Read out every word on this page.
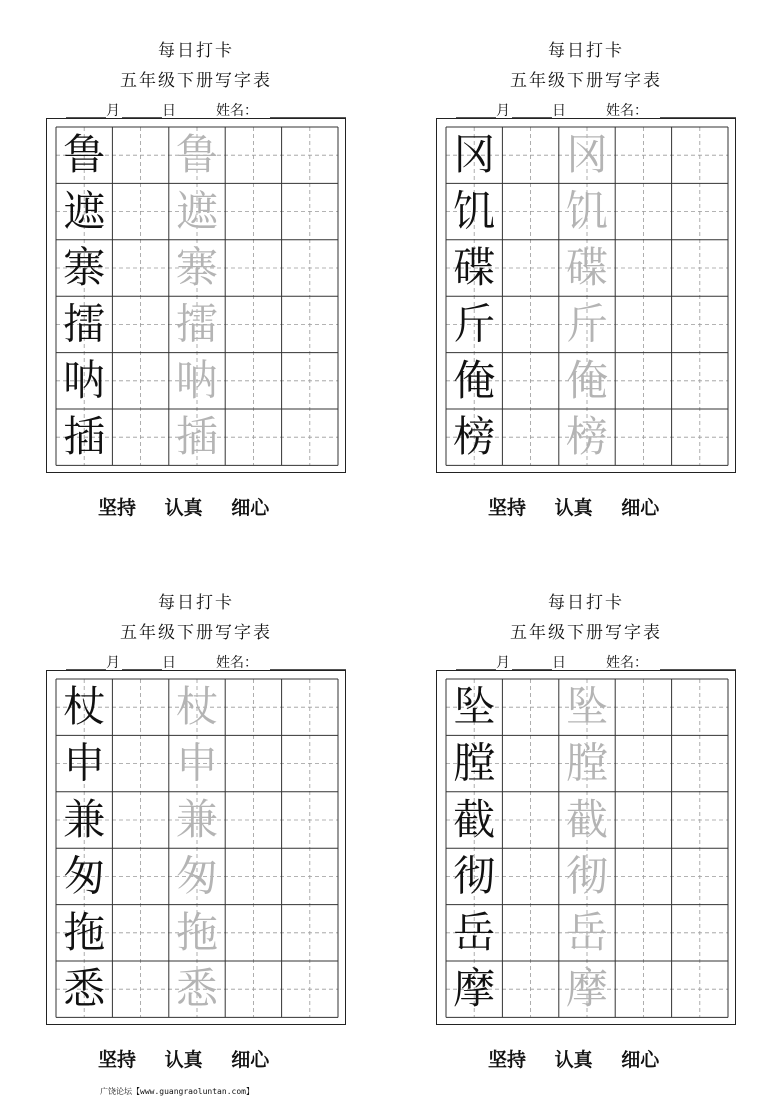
每日打卡
五年级下册写字表
月	日	姓名：
鲁 鲁
遮 遮
寨 寨
擂 擂
呐 呐
插 插
坚持 认真 细心
每日打卡
五年级下册写字表
月	日	姓名：
冈 冈
饥 饥
碟 碟
斤 斤
俺 俺
榜 榜
坚持 认真 细心
每日打卡
五年级下册写字表
月	日	姓名：
杖 杖
申 申
兼 兼
匆 匆
拖 拖
悉 悉
坚持 认真 细心
每日打卡
五年级下册写字表
月	日	姓名：
坠 坠
膛 膛
截 截
彻 彻
岳 岳
摩 摩
坚持 认真 细心
广饶论坛【www.guangraoluntan.com】
